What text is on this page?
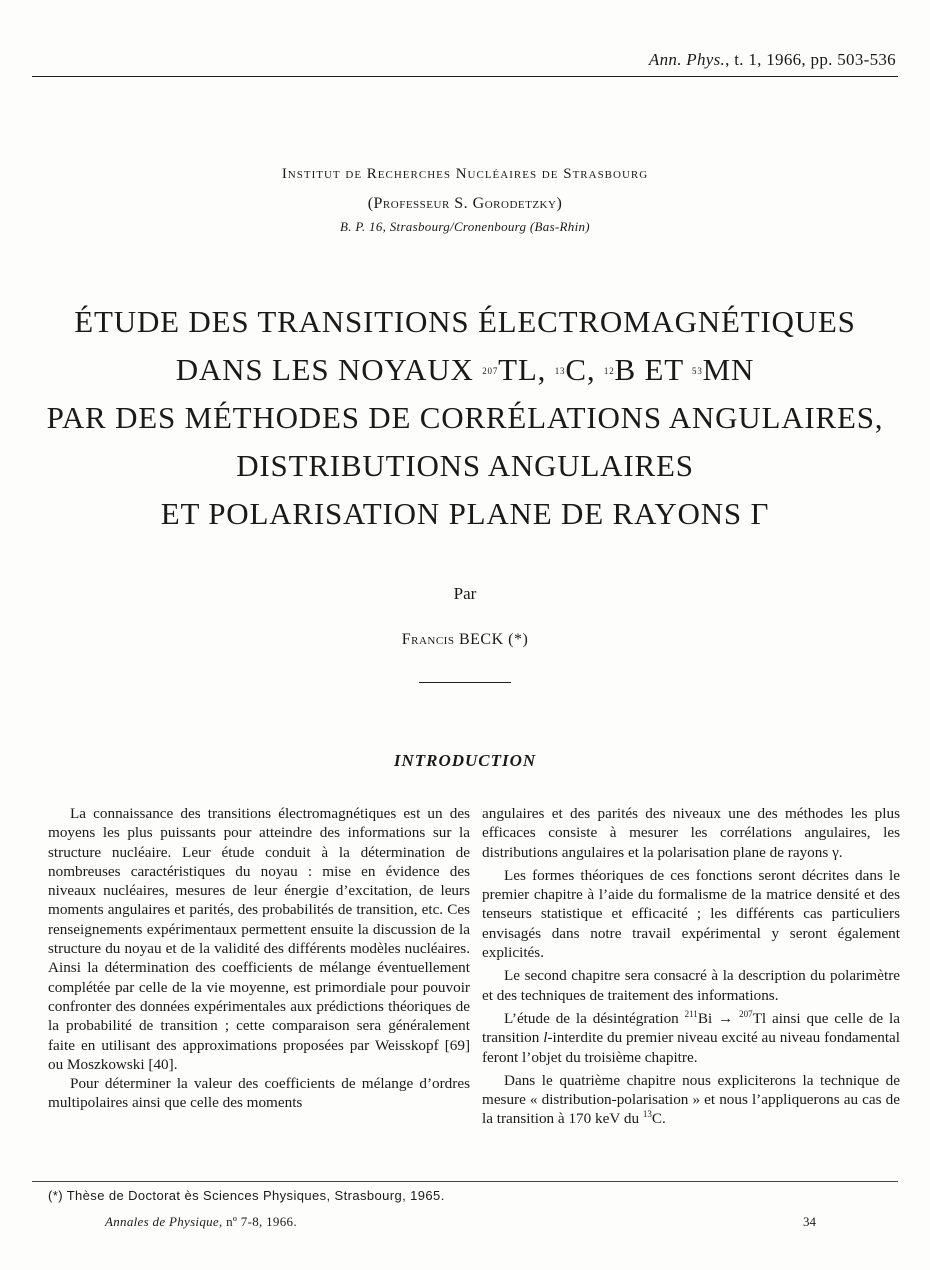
Ann. Phys., t. 1, 1966, pp. 503-536
Institut de Recherches Nucléaires de Strasbourg
(Professeur S. Gorodetzky)
B. P. 16, Strasbourg/Cronenbourg (Bas-Rhin)
ÉTUDE DES TRANSITIONS ÉLECTROMAGNÉTIQUES
DANS LES NOYAUX $^{207}$TL, $^{13}$C, $^{12}$B ET $^{53}$MN
PAR DES MÉTHODES DE CORRÉLATIONS ANGULAIRES,
DISTRIBUTIONS ANGULAIRES
ET POLARISATION PLANE DE RAYONS Γ
Par
Francis BECK (*)
INTRODUCTION

La connaissance des transitions électromagnétiques est un des moyens les plus puissants pour atteindre des informations sur la structure nucléaire. Leur étude conduit à la détermination de nombreuses caractéristiques du noyau : mise en évidence des niveaux nucléaires, mesures de leur énergie d’excitation, de leurs moments angulaires et parités, des probabilités de transition, etc. Ces renseignements expérimentaux permettent ensuite la discussion de la structure du noyau et de la validité des différents modèles nucléaires. Ainsi la détermination des coefficients de mélange éventuellement complétée par celle de la vie moyenne, est primordiale pour pouvoir confronter des données expérimentales aux prédictions théoriques de la probabilité de transition ; cette comparaison sera généralement faite en utilisant des approximations proposées par Weisskopf [69] ou Moszkowski [40].

Pour déterminer la valeur des coefficients de mélange d’ordres multipolaires ainsi que celle des moments

angulaires et des parités des niveaux une des méthodes les plus efficaces consiste à mesurer les corrélations angulaires, les distributions angulaires et la polarisation plane de rayons γ.

Les formes théoriques de ces fonctions seront décrites dans le premier chapitre à l’aide du formalisme de la matrice densité et des tenseurs statistique et efficacité ; les différents cas particuliers envisagés dans notre travail expérimental y seront également explicités.

Le second chapitre sera consacré à la description du polarimètre et des techniques de traitement des informations.

L’étude de la désintégration $^{211}$Bi → $^{207}$Tl ainsi que celle de la transition l-interdite du premier niveau excité au niveau fondamental feront l’objet du troisième chapitre.

Dans le quatrième chapitre nous expliciterons la technique de mesure « distribution-polarisation » et nous l’appliquerons au cas de la transition à 170 keV du $^{13}$C.

(*) Thèse de Doctorat ès Sciences Physiques, Strasbourg, 1965.
Annales de Physique, nº 7-8, 1966.	34
